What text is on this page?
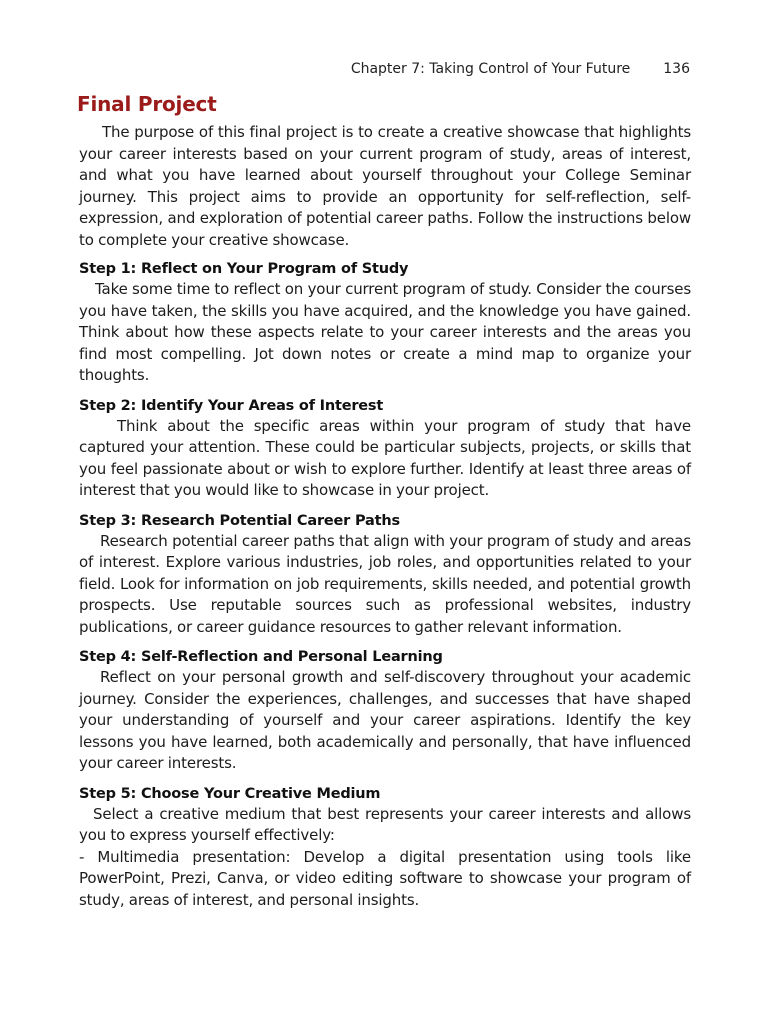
Chapter 7: Taking Control of Your Future 136
Final Project

The purpose of this final project is to create a creative showcase that highlights your career interests based on your current program of study, areas of interest, and what you have learned about yourself throughout your College Seminar journey. This project aims to provide an opportunity for self-reflection, self-expression, and exploration of potential career paths. Follow the instructions below to complete your creative showcase.

Step 1: Reflect on Your Program of Study

Take some time to reflect on your current program of study. Consider the courses you have taken, the skills you have acquired, and the knowledge you have gained. Think about how these aspects relate to your career interests and the areas you find most compelling. Jot down notes or create a mind map to organize your thoughts.

Step 2: Identify Your Areas of Interest

Think about the specific areas within your program of study that have captured your attention. These could be particular subjects, projects, or skills that you feel passionate about or wish to explore further. Identify at least three areas of interest that you would like to showcase in your project.

Step 3: Research Potential Career Paths

Research potential career paths that align with your program of study and areas of interest. Explore various industries, job roles, and opportunities related to your field. Look for information on job requirements, skills needed, and potential growth prospects. Use reputable sources such as professional websites, industry publications, or career guidance resources to gather relevant information.

Step 4: Self-Reflection and Personal Learning

Reflect on your personal growth and self-discovery throughout your academic journey. Consider the experiences, challenges, and successes that have shaped your understanding of yourself and your career aspirations. Identify the key lessons you have learned, both academically and personally, that have influenced your career interests.

Step 5: Choose Your Creative Medium

Select a creative medium that best represents your career interests and allows you to express yourself effectively:

- Multimedia presentation: Develop a digital presentation using tools like PowerPoint, Prezi, Canva, or video editing software to showcase your program of study, areas of interest, and personal insights.
